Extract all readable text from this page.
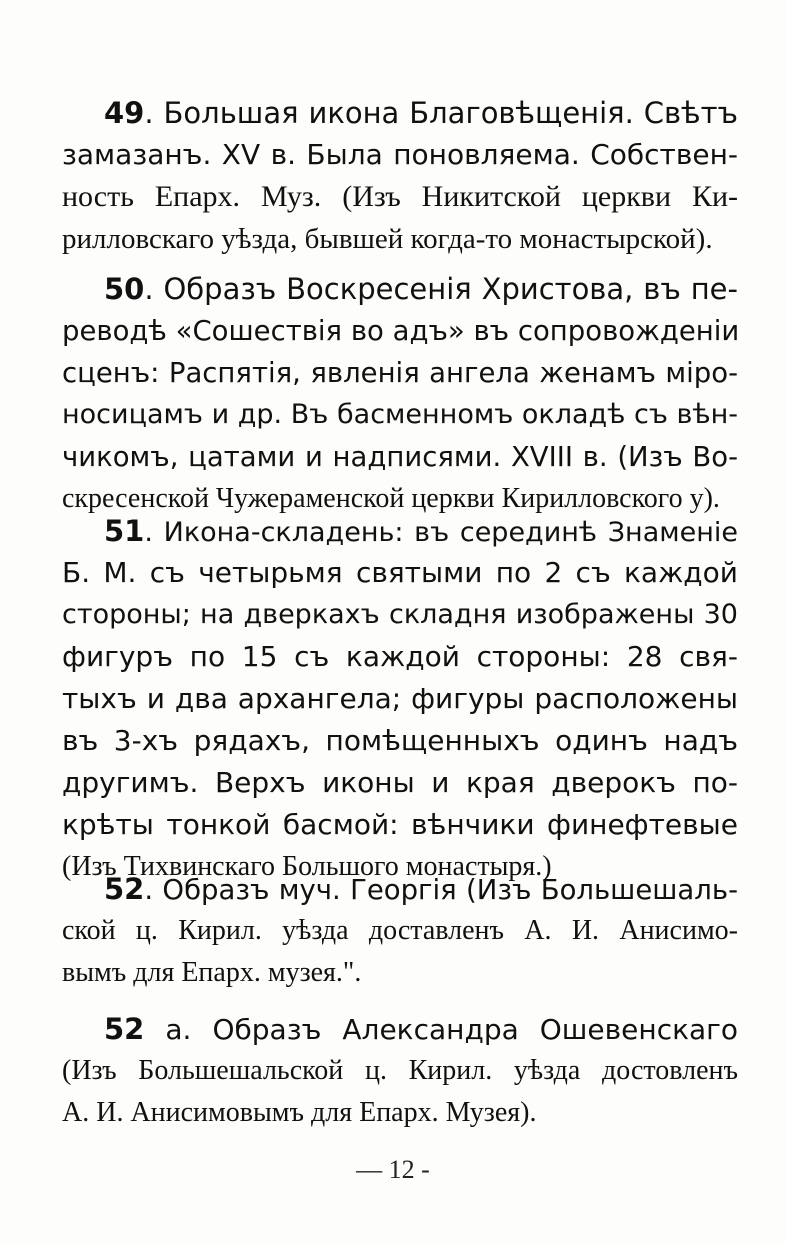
49. Большая икона Благовѣщенія. Свѣтъ
замазанъ. XV в. Была поновляема. Собствен-
ность Епарх. Муз. (Изъ Никитской церкви Ки-
рилловскаго уѣзда, бывшей когда-то монастырской).
50. Образъ Воскресенія Христова, въ пе-
реводѣ «Сошествія во адъ» въ сопровожденіи
сценъ: Распятія, явленія ангела женамъ міро-
носицамъ и др. Въ басменномъ окладѣ съ вѣн-
чикомъ, цатами и надписями. XVIII в. (Изъ Во-
скресенской Чужераменской церкви Кирилловского у).
51. Икона-складень: въ серединѣ Знаменіе
Б. М. съ четырьмя святыми по 2 съ каждой
стороны; на дверкахъ складня изображены 30
фигуръ по 15 съ каждой стороны: 28 свя-
тыхъ и два архангела; фигуры расположены
въ 3-хъ рядахъ, помѣщенныхъ одинъ надъ
другимъ. Верхъ иконы и края дверокъ по-
крѣты тонкой басмой: вѣнчики финефтевые
(Изъ Тихвинскаго Большого монастыря.)
52. Образъ муч. Георгія (Изъ Большешаль-
ской ц. Кирил. уѣзда доставленъ А. И. Анисимо-
вымъ для Епарх. музея.".
52 а. Образъ Александра Ошевенскаго
(Изъ Большешальской ц. Кирил. уѣзда достовленъ
А. И. Анисимовымъ для Епарх. Музея).
— 12 -
